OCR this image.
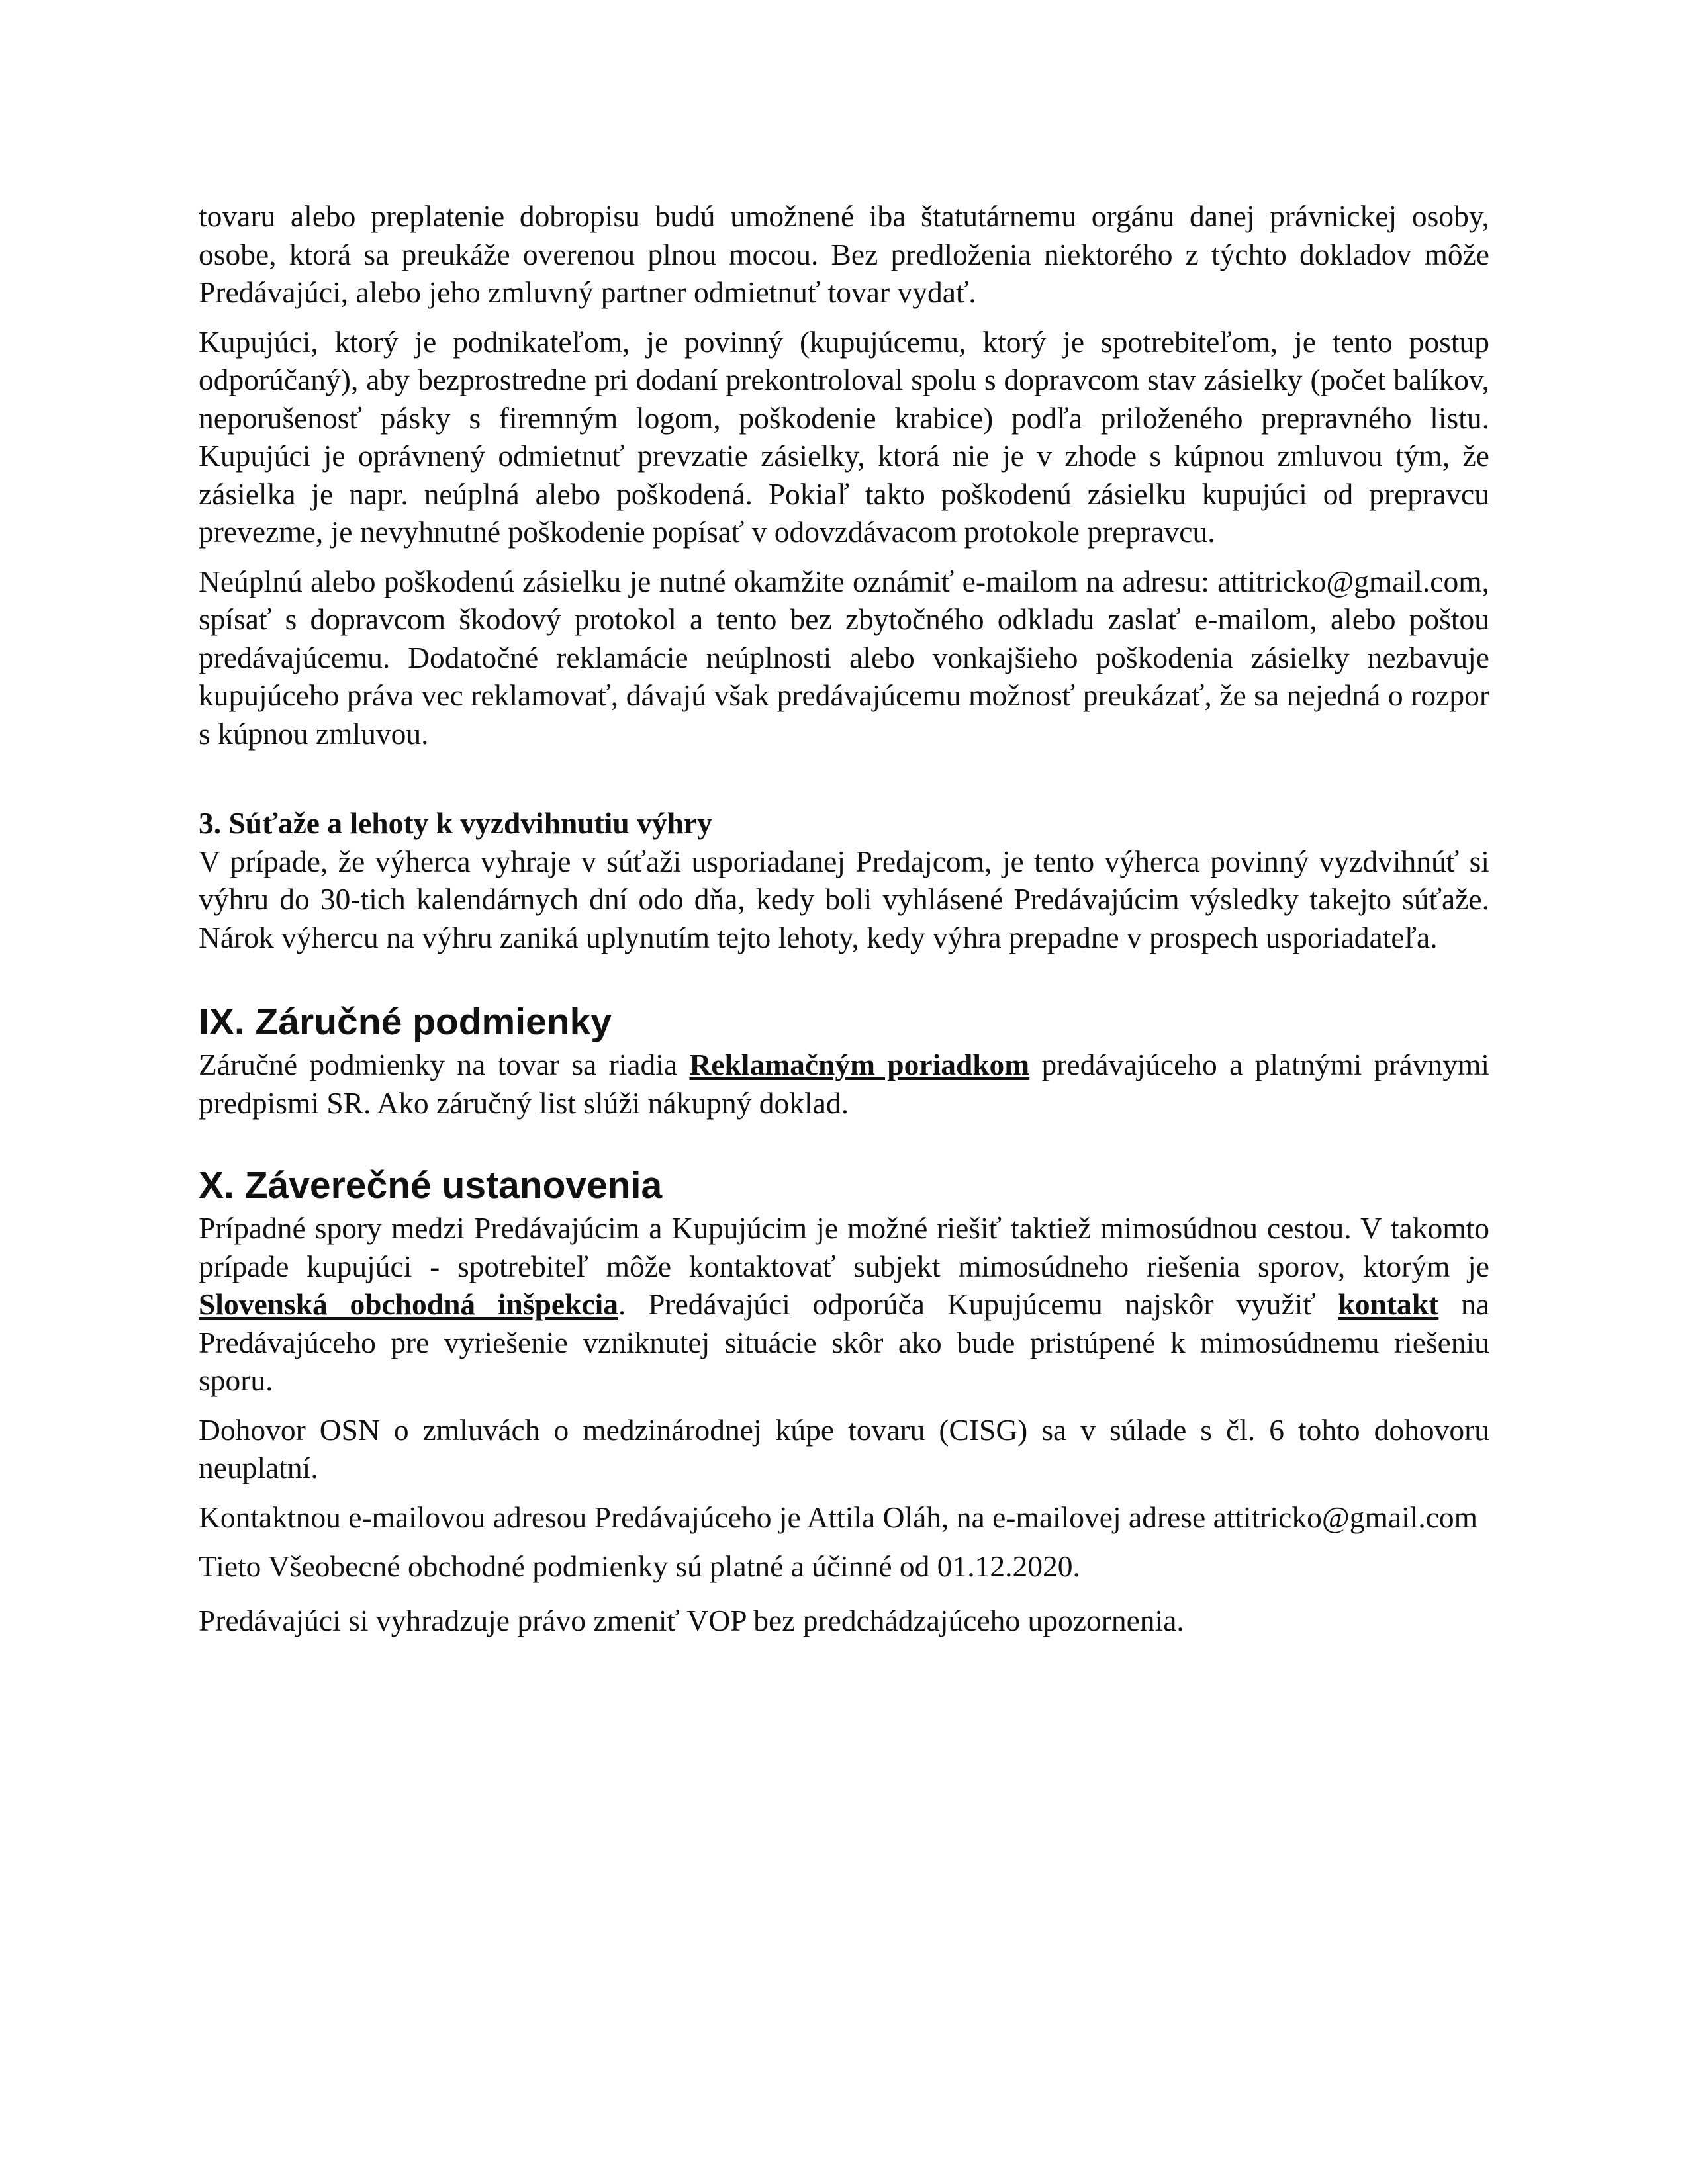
tovaru alebo preplatenie dobropisu budú umožnené iba štatutárnemu orgánu danej právnickej osoby, osobe, ktorá sa preukáže overenou plnou mocou. Bez predloženia niektorého z týchto dokladov môže Predávajúci, alebo jeho zmluvný partner odmietnuť tovar vydať.

Kupujúci, ktorý je podnikateľom, je povinný (kupujúcemu, ktorý je spotrebiteľom, je tento postup odporúčaný), aby bezprostredne pri dodaní prekontroloval spolu s dopravcom stav zásielky (počet balíkov, neporušenosť pásky s firemným logom, poškodenie krabice) podľa priloženého prepravného listu. Kupujúci je oprávnený odmietnuť prevzatie zásielky, ktorá nie je v zhode s kúpnou zmluvou tým, že zásielka je napr. neúplná alebo poškodená. Pokiaľ takto poškodenú zásielku kupujúci od prepravcu prevezme, je nevyhnutné poškodenie popísať v odovzdávacom protokole prepravcu.

Neúplnú alebo poškodenú zásielku je nutné okamžite oznámiť e-mailom na adresu: attitricko@gmail.com, spísať s dopravcom škodový protokol a tento bez zbytočného odkladu zaslať e-mailom, alebo poštou predávajúcemu. Dodatočné reklamácie neúplnosti alebo vonkajšieho poškodenia zásielky nezbavuje kupujúceho práva vec reklamovať, dávajú však predávajúcemu možnosť preukázať, že sa nejedná o rozpor s kúpnou zmluvou.

3. Súťaže a lehoty k vyzdvihnutiu výhry

V prípade, že výherca vyhraje v súťaži usporiadanej Predajcom, je tento výherca povinný vyzdvihnúť si výhru do 30-tich kalendárnych dní odo dňa, kedy boli vyhlásené Predávajúcim výsledky takejto súťaže. Nárok výhercu na výhru zaniká uplynutím tejto lehoty, kedy výhra prepadne v prospech usporiadateľa.

IX. Záručné podmienky

Záručné podmienky na tovar sa riadia Reklamačným poriadkom predávajúceho a platnými právnymi predpismi SR. Ako záručný list slúži nákupný doklad.

X. Záverečné ustanovenia

Prípadné spory medzi Predávajúcim a Kupujúcim je možné riešiť taktiež mimosúdnou cestou. V takomto prípade kupujúci - spotrebiteľ môže kontaktovať subjekt mimosúdneho riešenia sporov, ktorým je Slovenská obchodná inšpekcia. Predávajúci odporúča Kupujúcemu najskôr využiť kontakt na Predávajúceho pre vyriešenie vzniknutej situácie skôr ako bude pristúpené k mimosúdnemu riešeniu sporu.

Dohovor OSN o zmluvách o medzinárodnej kúpe tovaru (CISG) sa v súlade s čl. 6 tohto dohovoru neuplatní.

Kontaktnou e-mailovou adresou Predávajúceho je Attila Oláh, na e-mailovej adrese attitricko@gmail.com

Tieto Všeobecné obchodné podmienky sú platné a účinné od 01.12.2020.

Predávajúci si vyhradzuje právo zmeniť VOP bez predchádzajúceho upozornenia.
